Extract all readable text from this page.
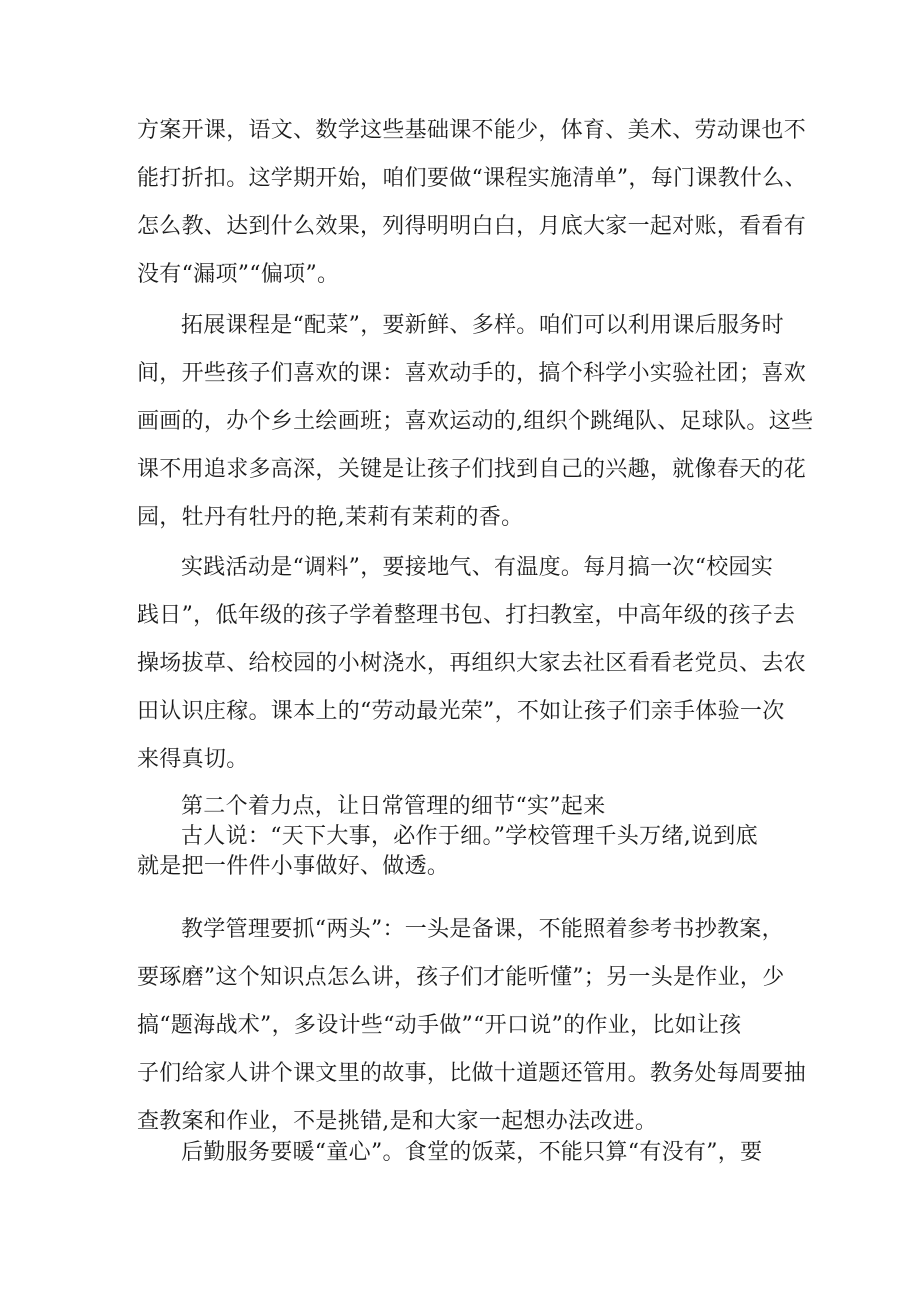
方案开课，语文、数学这些基础课不能少，体育、美术、劳动课也不
能打折扣。这学期开始，咱们要做“课程实施清单”，每门课教什么、
怎么教、达到什么效果，列得明明白白，月底大家一起对账，看看有
没有“漏项”“偏项”。
拓展课程是“配菜”，要新鲜、多样。咱们可以利用课后服务时
间，开些孩子们喜欢的课：喜欢动手的，搞个科学小实验社团；喜欢
画画的，办个乡土绘画班；喜欢运动的,组织个跳绳队、足球队。这些
课不用追求多高深，关键是让孩子们找到自己的兴趣，就像春天的花
园，牡丹有牡丹的艳,茉莉有茉莉的香。
实践活动是“调料”，要接地气、有温度。每月搞一次“校园实
践日”，低年级的孩子学着整理书包、打扫教室，中高年级的孩子去
操场拔草、给校园的小树浇水，再组织大家去社区看看老党员、去农
田认识庄稼。课本上的“劳动最光荣”，不如让孩子们亲手体验一次
来得真切。
第二个着力点，让日常管理的细节“实”起来
古人说：“天下大事，必作于细。”学校管理千头万绪,说到底
就是把一件件小事做好、做透。
教学管理要抓“两头”：一头是备课，不能照着参考书抄教案，
要琢磨”这个知识点怎么讲，孩子们才能听懂”；另一头是作业，少
搞“题海战术”，多设计些“动手做”“开口说”的作业，比如让孩
子们给家人讲个课文里的故事，比做十道题还管用。教务处每周要抽
查教案和作业，不是挑错,是和大家一起想办法改进。
后勤服务要暖“童心”。食堂的饭菜，不能只算“有没有”，要
